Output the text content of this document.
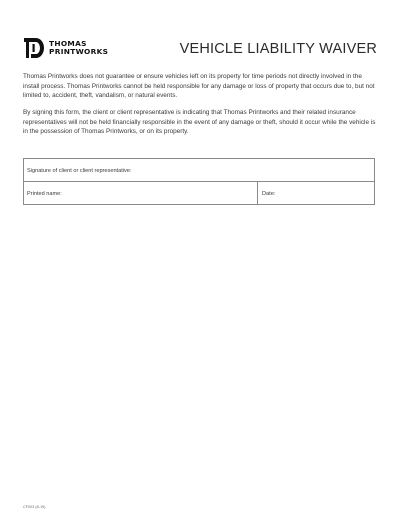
THOMAS
PRINTWORKS	VEHICLE LIABILITY WAIVER

Thomas Printworks does not guarantee or ensure vehicles left on its property for time periods not directly involved in the install process. Thomas Printworks cannot be held responsible for any damage or loss of property that occurs due to, but not limited to, accident, theft, vandalism, or natural events.

By signing this form, the client or client representative is indicating that Thomas Printworks and their related insurance representatives will not be held financially responsible in the event of any damage or theft, should it occur while the vehicle is in the possession of Thomas Printworks, or on its property.

Signature of client or client representative:
Printed name:	Date:
CF003 (8-19)
